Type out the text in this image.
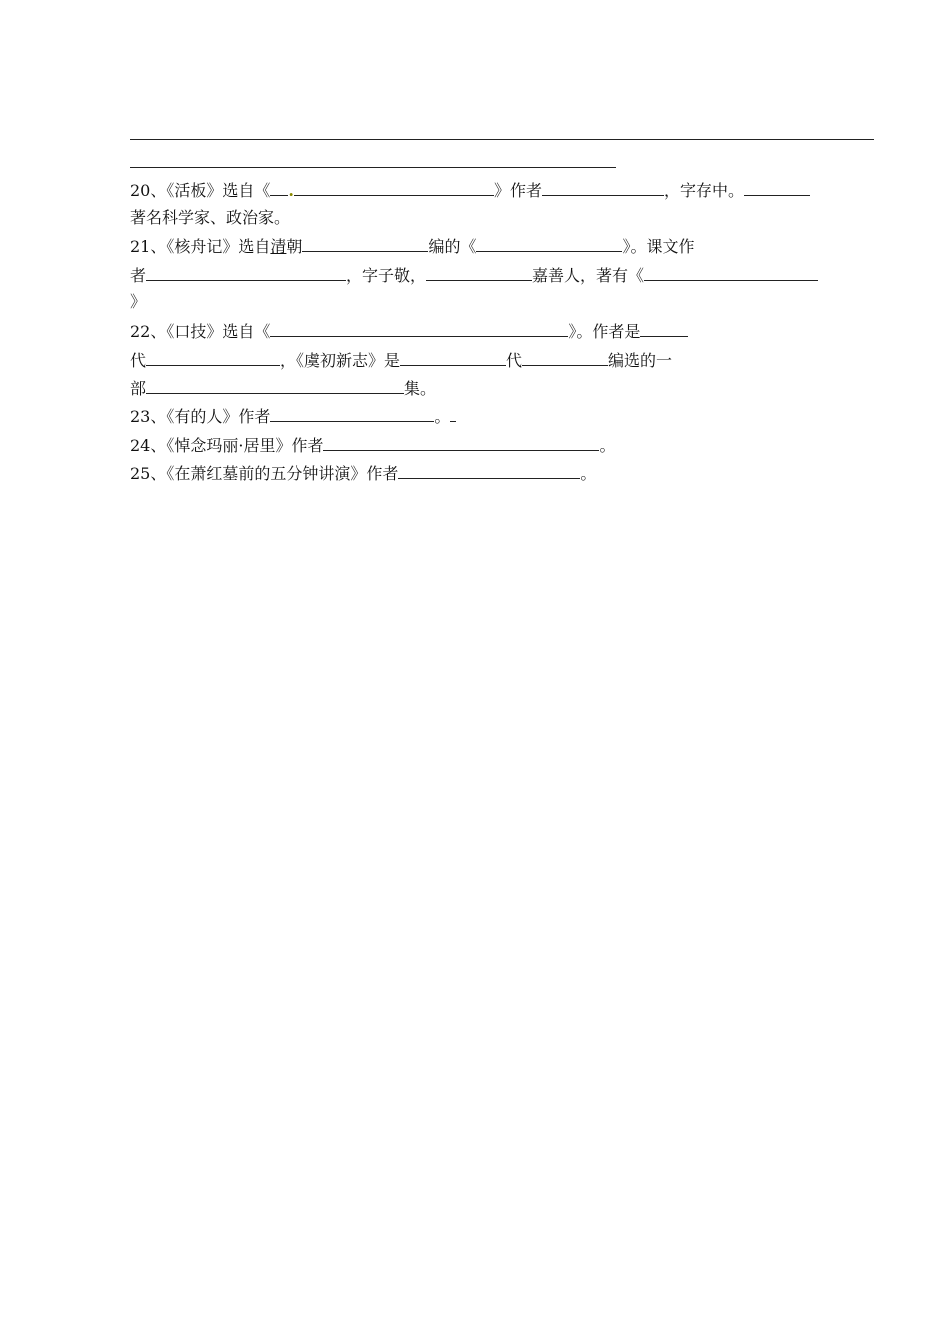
20、《活板》选自《 .	》作者	，字存中。
著名科学家、政治家。
21、《核舟记》选自清朝	编的《	》。课文作
者	，字子敬，	嘉善人，著有《
》
22、《口技》选自《	》。作者是
代	，《虞初新志》是	代	编选的一
部	集。
23、《有的人》作者	。
24、《悼念玛丽·居里》作者	。
25、《在萧红墓前的五分钟讲演》作者	。
